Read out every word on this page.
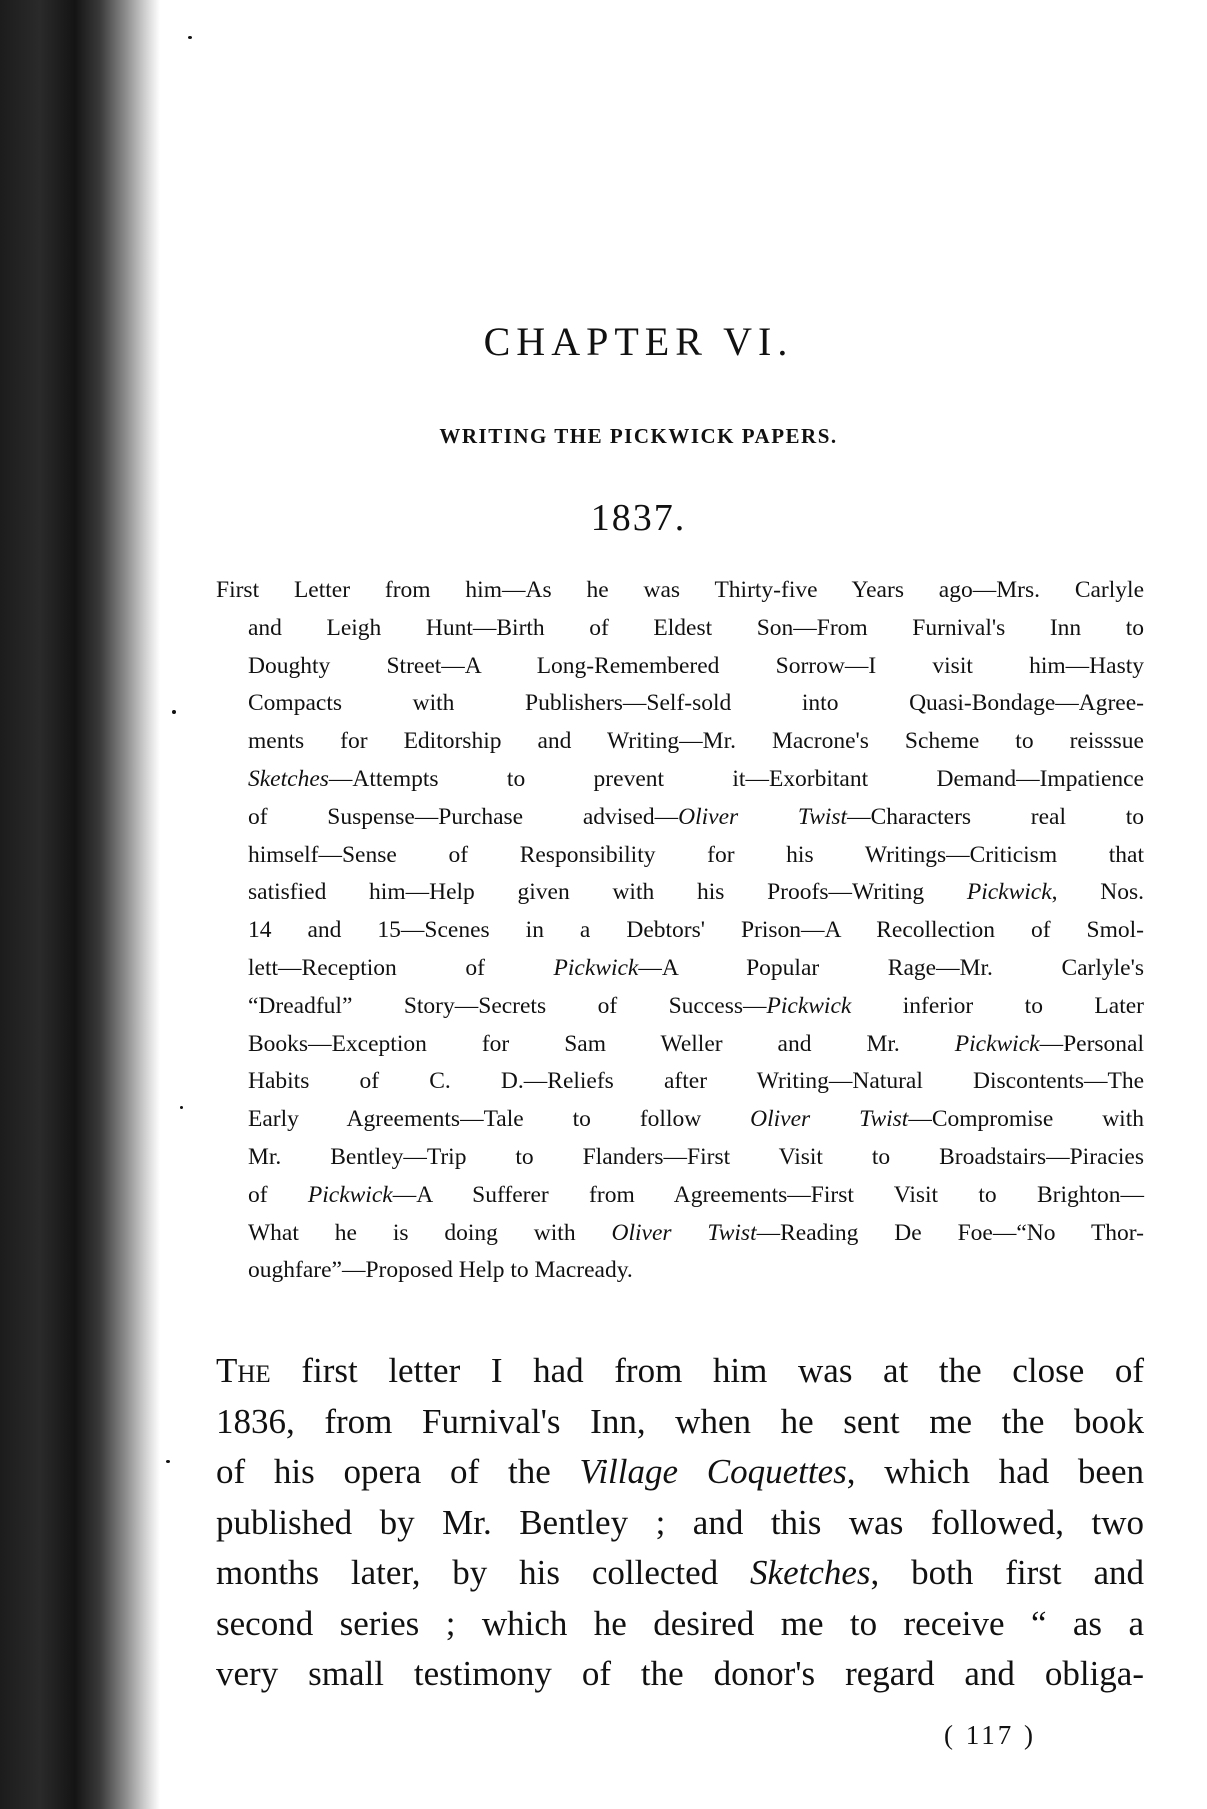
CHAPTER VI.
WRITING THE PICKWICK PAPERS.
1837.
First Letter from him—As he was Thirty-five Years ago—Mrs. Carlyle
and Leigh Hunt—Birth of Eldest Son—From Furnival's Inn to
Doughty Street—A Long-Remembered Sorrow—I visit him—Hasty
Compacts with Publishers—Self-sold into Quasi-Bondage—Agree-
ments for Editorship and Writing—Mr. Macrone's Scheme to reisssue
Sketches—Attempts to prevent it—Exorbitant Demand—Impatience
of Suspense—Purchase advised—Oliver Twist—Characters real to
himself—Sense of Responsibility for his Writings—Criticism that
satisfied him—Help given with his Proofs—Writing Pickwick, Nos.
14 and 15—Scenes in a Debtors' Prison—A Recollection of Smol-
lett—Reception of Pickwick—A Popular Rage—Mr. Carlyle's
“Dreadful” Story—Secrets of Success—Pickwick inferior to Later
Books—Exception for Sam Weller and Mr. Pickwick—Personal
Habits of C. D.—Reliefs after Writing—Natural Discontents—The
Early Agreements—Tale to follow Oliver Twist—Compromise with
Mr. Bentley—Trip to Flanders—First Visit to Broadstairs—Piracies
of Pickwick—A Sufferer from Agreements—First Visit to Brighton—
What he is doing with Oliver Twist—Reading De Foe—“No Thor-
oughfare”—Proposed Help to Macready.
The first letter I had from him was at the close of
1836, from Furnival's Inn, when he sent me the book
of his opera of the Village Coquettes, which had been
published by Mr. Bentley ; and this was followed, two
months later, by his collected Sketches, both first and
second series ; which he desired me to receive “ as a
very small testimony of the donor's regard and obliga-
( 117 )
